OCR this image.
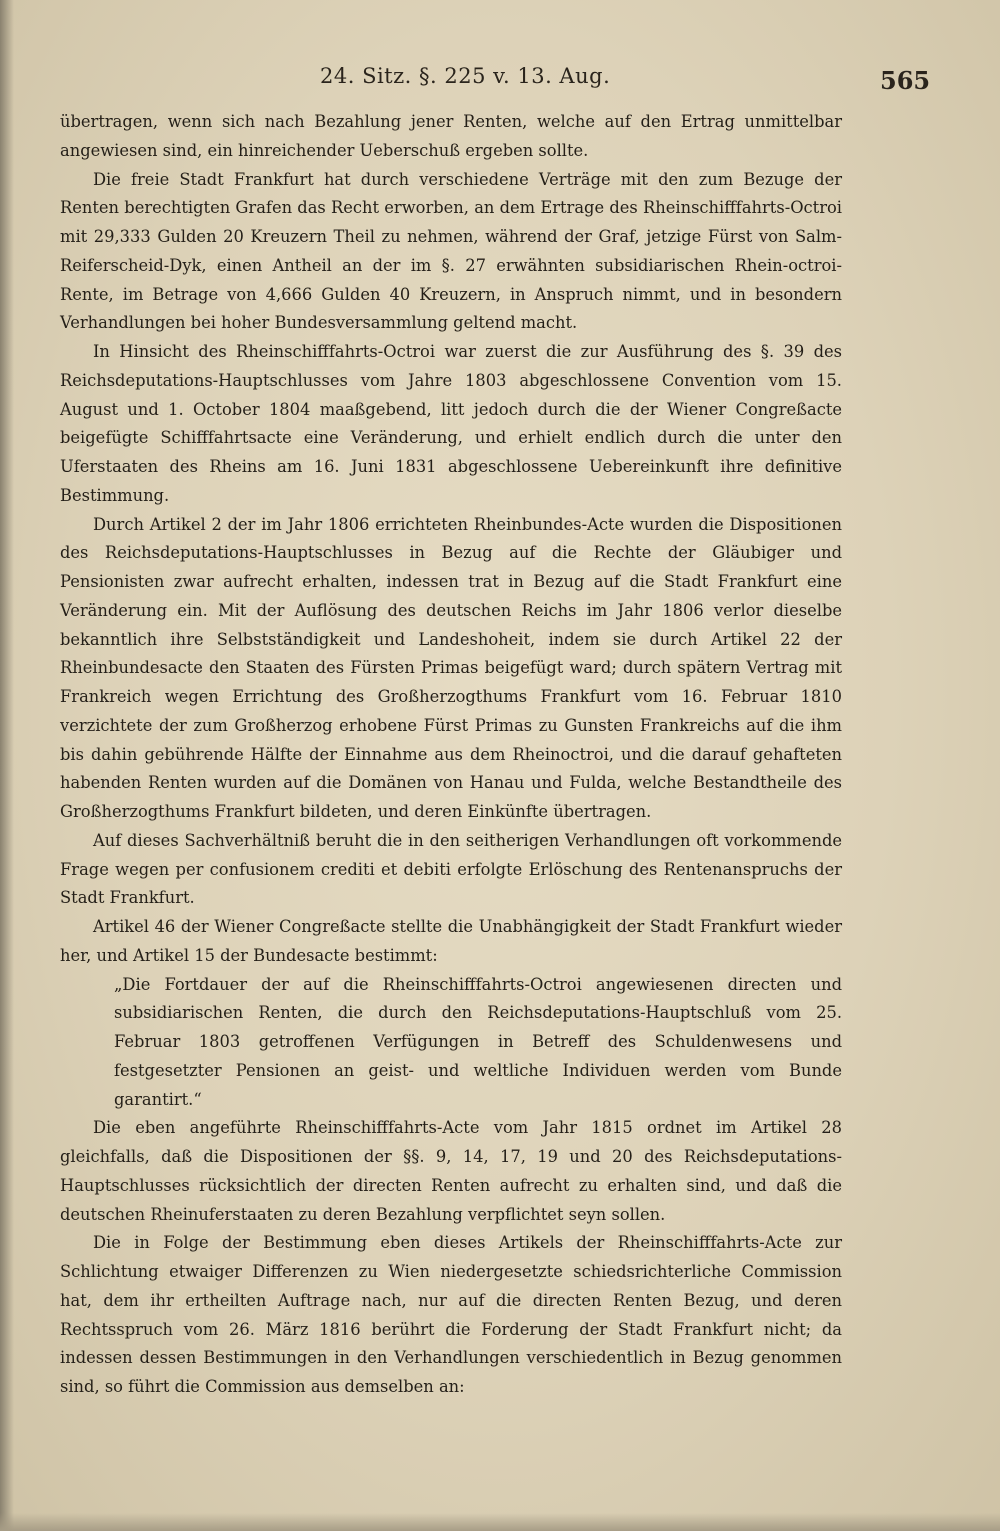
24. Sitz. §. 225 v. 13. Aug.	565

übertragen, wenn sich nach Bezahlung jener Renten, welche auf den Ertrag unmittelbar angewiesen sind, ein hinreichender Ueberschuß ergeben sollte.

Die freie Stadt Frankfurt hat durch verschiedene Verträge mit den zum Bezuge der Renten berechtigten Grafen das Recht erworben, an dem Ertrage des Rheinschifffahrts-Octroi mit 29,333 Gulden 20 Kreuzern Theil zu nehmen, während der Graf, jetzige Fürst von Salm-Reiferscheid-Dyk, einen Antheil an der im §. 27 erwähnten subsidiarischen Rhein-octroi-Rente, im Betrage von 4,666 Gulden 40 Kreuzern, in Anspruch nimmt, und in besondern Verhandlungen bei hoher Bundesversammlung geltend macht.

In Hinsicht des Rheinschifffahrts-Octroi war zuerst die zur Ausführung des §. 39 des Reichsdeputations-Hauptschlusses vom Jahre 1803 abgeschlossene Convention vom 15. August und 1. October 1804 maaßgebend, litt jedoch durch die der Wiener Congreßacte beigefügte Schifffahrtsacte eine Veränderung, und erhielt endlich durch die unter den Uferstaaten des Rheins am 16. Juni 1831 abgeschlossene Uebereinkunft ihre definitive Bestimmung.

Durch Artikel 2 der im Jahr 1806 errichteten Rheinbundes-Acte wurden die Dispositionen des Reichsdeputations-Hauptschlusses in Bezug auf die Rechte der Gläubiger und Pensionisten zwar aufrecht erhalten, indessen trat in Bezug auf die Stadt Frankfurt eine Veränderung ein. Mit der Auflösung des deutschen Reichs im Jahr 1806 verlor dieselbe bekanntlich ihre Selbstständigkeit und Landeshoheit, indem sie durch Artikel 22 der Rheinbundesacte den Staaten des Fürsten Primas beigefügt ward; durch spätern Vertrag mit Frankreich wegen Errichtung des Großherzogthums Frankfurt vom 16. Februar 1810 verzichtete der zum Großherzog erhobene Fürst Primas zu Gunsten Frankreichs auf die ihm bis dahin gebührende Hälfte der Einnahme aus dem Rheinoctroi, und die darauf gehafteten habenden Renten wurden auf die Domänen von Hanau und Fulda, welche Bestandtheile des Großherzogthums Frankfurt bildeten, und deren Einkünfte übertragen.

Auf dieses Sachverhältniß beruht die in den seitherigen Verhandlungen oft vorkommende Frage wegen per confusionem crediti et debiti erfolgte Erlöschung des Rentenanspruchs der Stadt Frankfurt.

Artikel 46 der Wiener Congreßacte stellte die Unabhängigkeit der Stadt Frankfurt wieder her, und Artikel 15 der Bundesacte bestimmt:

„Die Fortdauer der auf die Rheinschifffahrts-Octroi angewiesenen directen und subsidiarischen Renten, die durch den Reichsdeputations-Hauptschluß vom 25. Februar 1803 getroffenen Verfügungen in Betreff des Schuldenwesens und festgesetzter Pensionen an geist- und weltliche Individuen werden vom Bunde garantirt.“

Die eben angeführte Rheinschifffahrts-Acte vom Jahr 1815 ordnet im Artikel 28 gleichfalls, daß die Dispositionen der §§. 9, 14, 17, 19 und 20 des Reichsdeputations-Hauptschlusses rücksichtlich der directen Renten aufrecht zu erhalten sind, und daß die deutschen Rheinuferstaaten zu deren Bezahlung verpflichtet seyn sollen.

Die in Folge der Bestimmung eben dieses Artikels der Rheinschifffahrts-Acte zur Schlichtung etwaiger Differenzen zu Wien niedergesetzte schiedsrichterliche Commission hat, dem ihr ertheilten Auftrage nach, nur auf die directen Renten Bezug, und deren Rechtsspruch vom 26. März 1816 berührt die Forderung der Stadt Frankfurt nicht; da indessen dessen Bestimmungen in den Verhandlungen verschiedentlich in Bezug genommen sind, so führt die Commission aus demselben an:
